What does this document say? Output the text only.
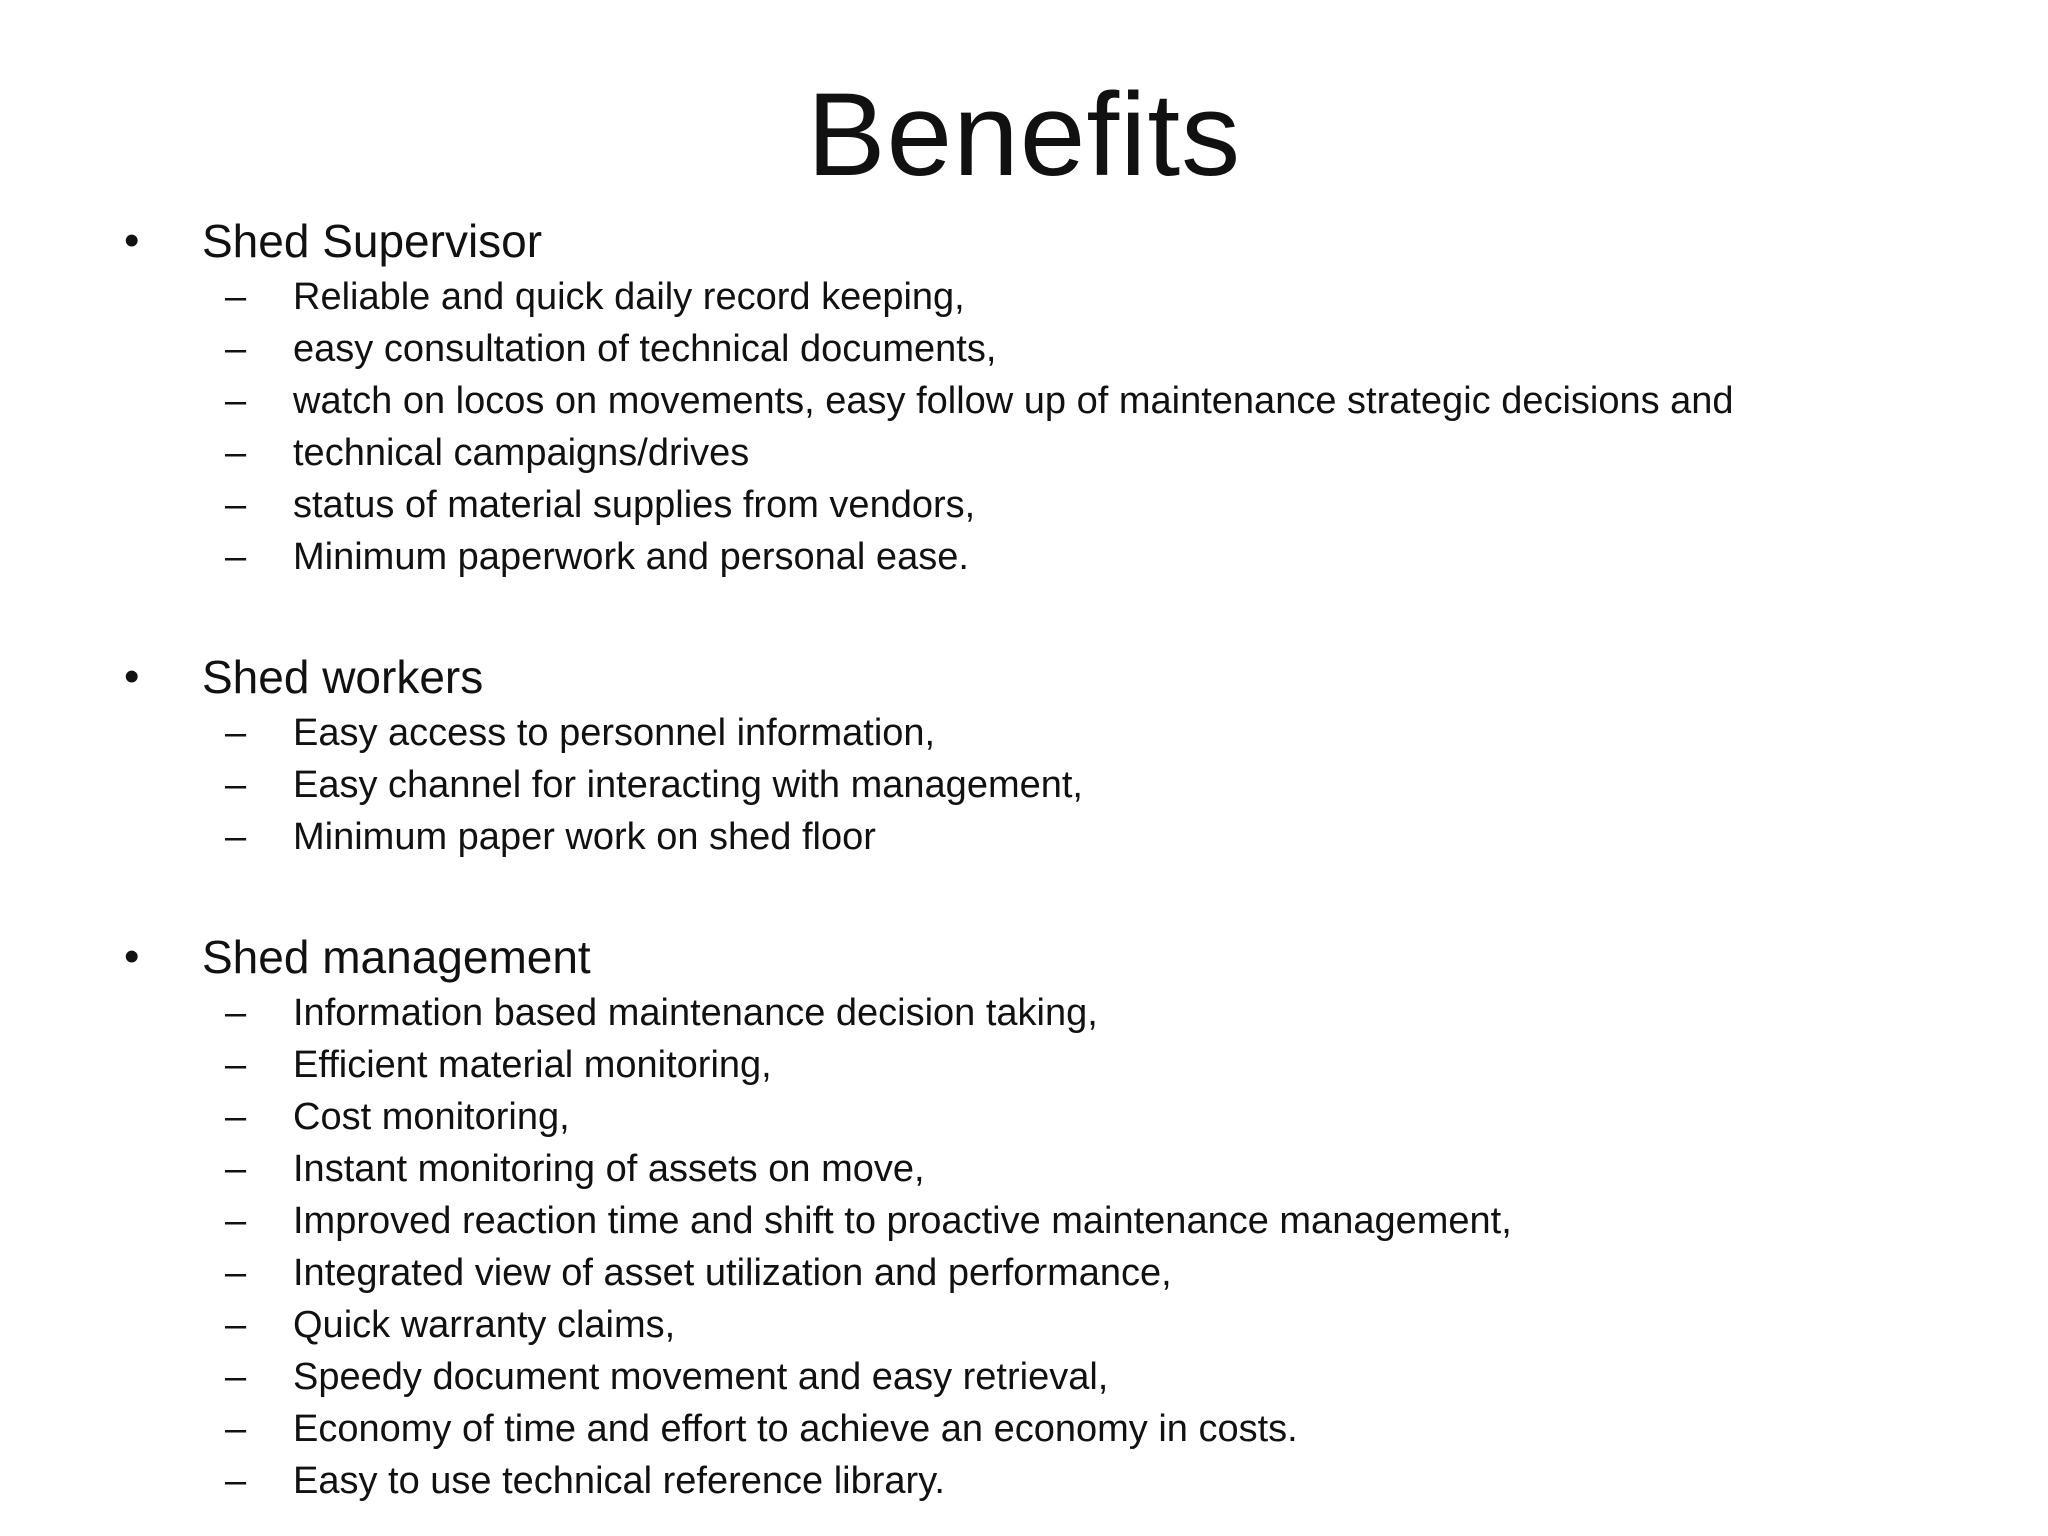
Benefits
• Shed Supervisor
– Reliable and quick daily record keeping,
– easy consultation of technical documents,
– watch on locos on movements, easy follow up of maintenance strategic decisions and
– technical campaigns/drives
– status of material supplies from vendors,
– Minimum paperwork and personal ease.
• Shed workers
– Easy access to personnel information,
– Easy channel for interacting with management,
– Minimum paper work on shed floor
• Shed management
– Information based maintenance decision taking,
– Efficient material monitoring,
– Cost monitoring,
– Instant monitoring of assets on move,
– Improved reaction time and shift to proactive maintenance management,
– Integrated view of asset utilization and performance,
– Quick warranty claims,
– Speedy document movement and easy retrieval,
– Economy of time and effort to achieve an economy in costs.
– Easy to use technical reference library.
